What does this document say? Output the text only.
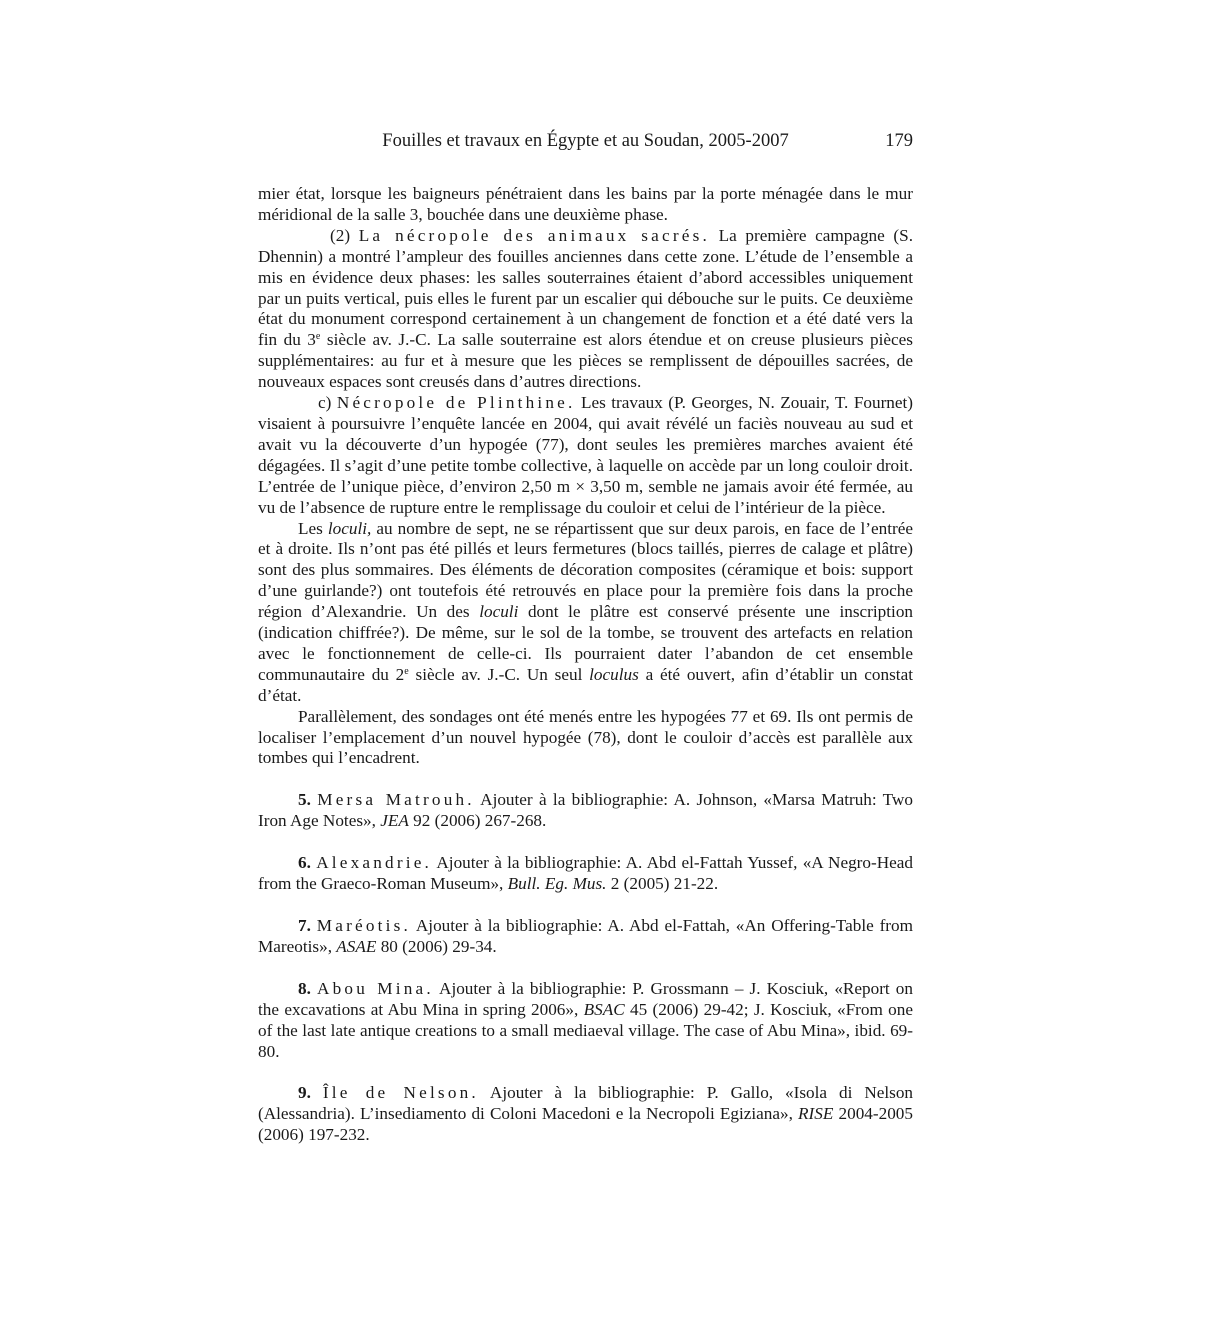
Fouilles et travaux en Égypte et au Soudan, 2005-2007	179

mier état, lorsque les baigneurs pénétraient dans les bains par la porte ménagée dans le mur méridional de la salle 3, bouchée dans une deuxième phase.

(2) La nécropole des animaux sacrés. La première campagne (S. Dhennin) a montré l’ampleur des fouilles anciennes dans cette zone. L’étude de l’ensemble a mis en évidence deux phases: les salles souterraines étaient d’abord accessibles uniquement par un puits vertical, puis elles le furent par un escalier qui débouche sur le puits. Ce deuxième état du monument correspond certainement à un changement de fonction et a été daté vers la fin du 3e siècle av. J.-C. La salle souterraine est alors étendue et on creuse plusieurs pièces supplémentaires: au fur et à mesure que les pièces se remplissent de dépouilles sacrées, de nouveaux espaces sont creusés dans d’autres directions.

c) Nécropole de Plinthine. Les travaux (P. Georges, N. Zouair, T. Fournet) visaient à poursuivre l’enquête lancée en 2004, qui avait révélé un faciès nouveau au sud et avait vu la découverte d’un hypogée (77), dont seules les premières marches avaient été dégagées. Il s’agit d’une petite tombe collective, à laquelle on accède par un long couloir droit. L’entrée de l’unique pièce, d’environ 2,50 m × 3,50 m, semble ne jamais avoir été fermée, au vu de l’absence de rupture entre le remplissage du couloir et celui de l’intérieur de la pièce.

Les loculi, au nombre de sept, ne se répartissent que sur deux parois, en face de l’entrée et à droite. Ils n’ont pas été pillés et leurs fermetures (blocs taillés, pierres de calage et plâtre) sont des plus sommaires. Des éléments de décoration composites (céramique et bois: support d’une guirlande?) ont toutefois été retrouvés en place pour la première fois dans la proche région d’Alexandrie. Un des loculi dont le plâtre est conservé présente une inscription (indication chiffrée?). De même, sur le sol de la tombe, se trouvent des artefacts en relation avec le fonctionnement de celle-ci. Ils pourraient dater l’abandon de cet ensemble communautaire du 2e siècle av. J.-C. Un seul loculus a été ouvert, afin d’établir un constat d’état.

Parallèlement, des sondages ont été menés entre les hypogées 77 et 69. Ils ont permis de localiser l’emplacement d’un nouvel hypogée (78), dont le couloir d’accès est parallèle aux tombes qui l’encadrent.

5. Mersa Matrouh. Ajouter à la bibliographie: A. Johnson, «Marsa Matruh: Two Iron Age Notes», JEA 92 (2006) 267-268.

6. Alexandrie. Ajouter à la bibliographie: A. Abd el-Fattah Yussef, «A Negro-Head from the Graeco-Roman Museum», Bull. Eg. Mus. 2 (2005) 21-22.

7. Maréotis. Ajouter à la bibliographie: A. Abd el-Fattah, «An Offering-Table from Mareotis», ASAE 80 (2006) 29-34.

8. Abou Mina. Ajouter à la bibliographie: P. Grossmann – J. Kosciuk, «Report on the excavations at Abu Mina in spring 2006», BSAC 45 (2006) 29-42; J. Kosciuk, «From one of the last late antique creations to a small mediaeval village. The case of Abu Mina», ibid. 69-80.

9. Île de Nelson. Ajouter à la bibliographie: P. Gallo, «Isola di Nelson (Alessandria). L’insediamento di Coloni Macedoni e la Necropoli Egiziana», RISE 2004-2005 (2006) 197-232.
